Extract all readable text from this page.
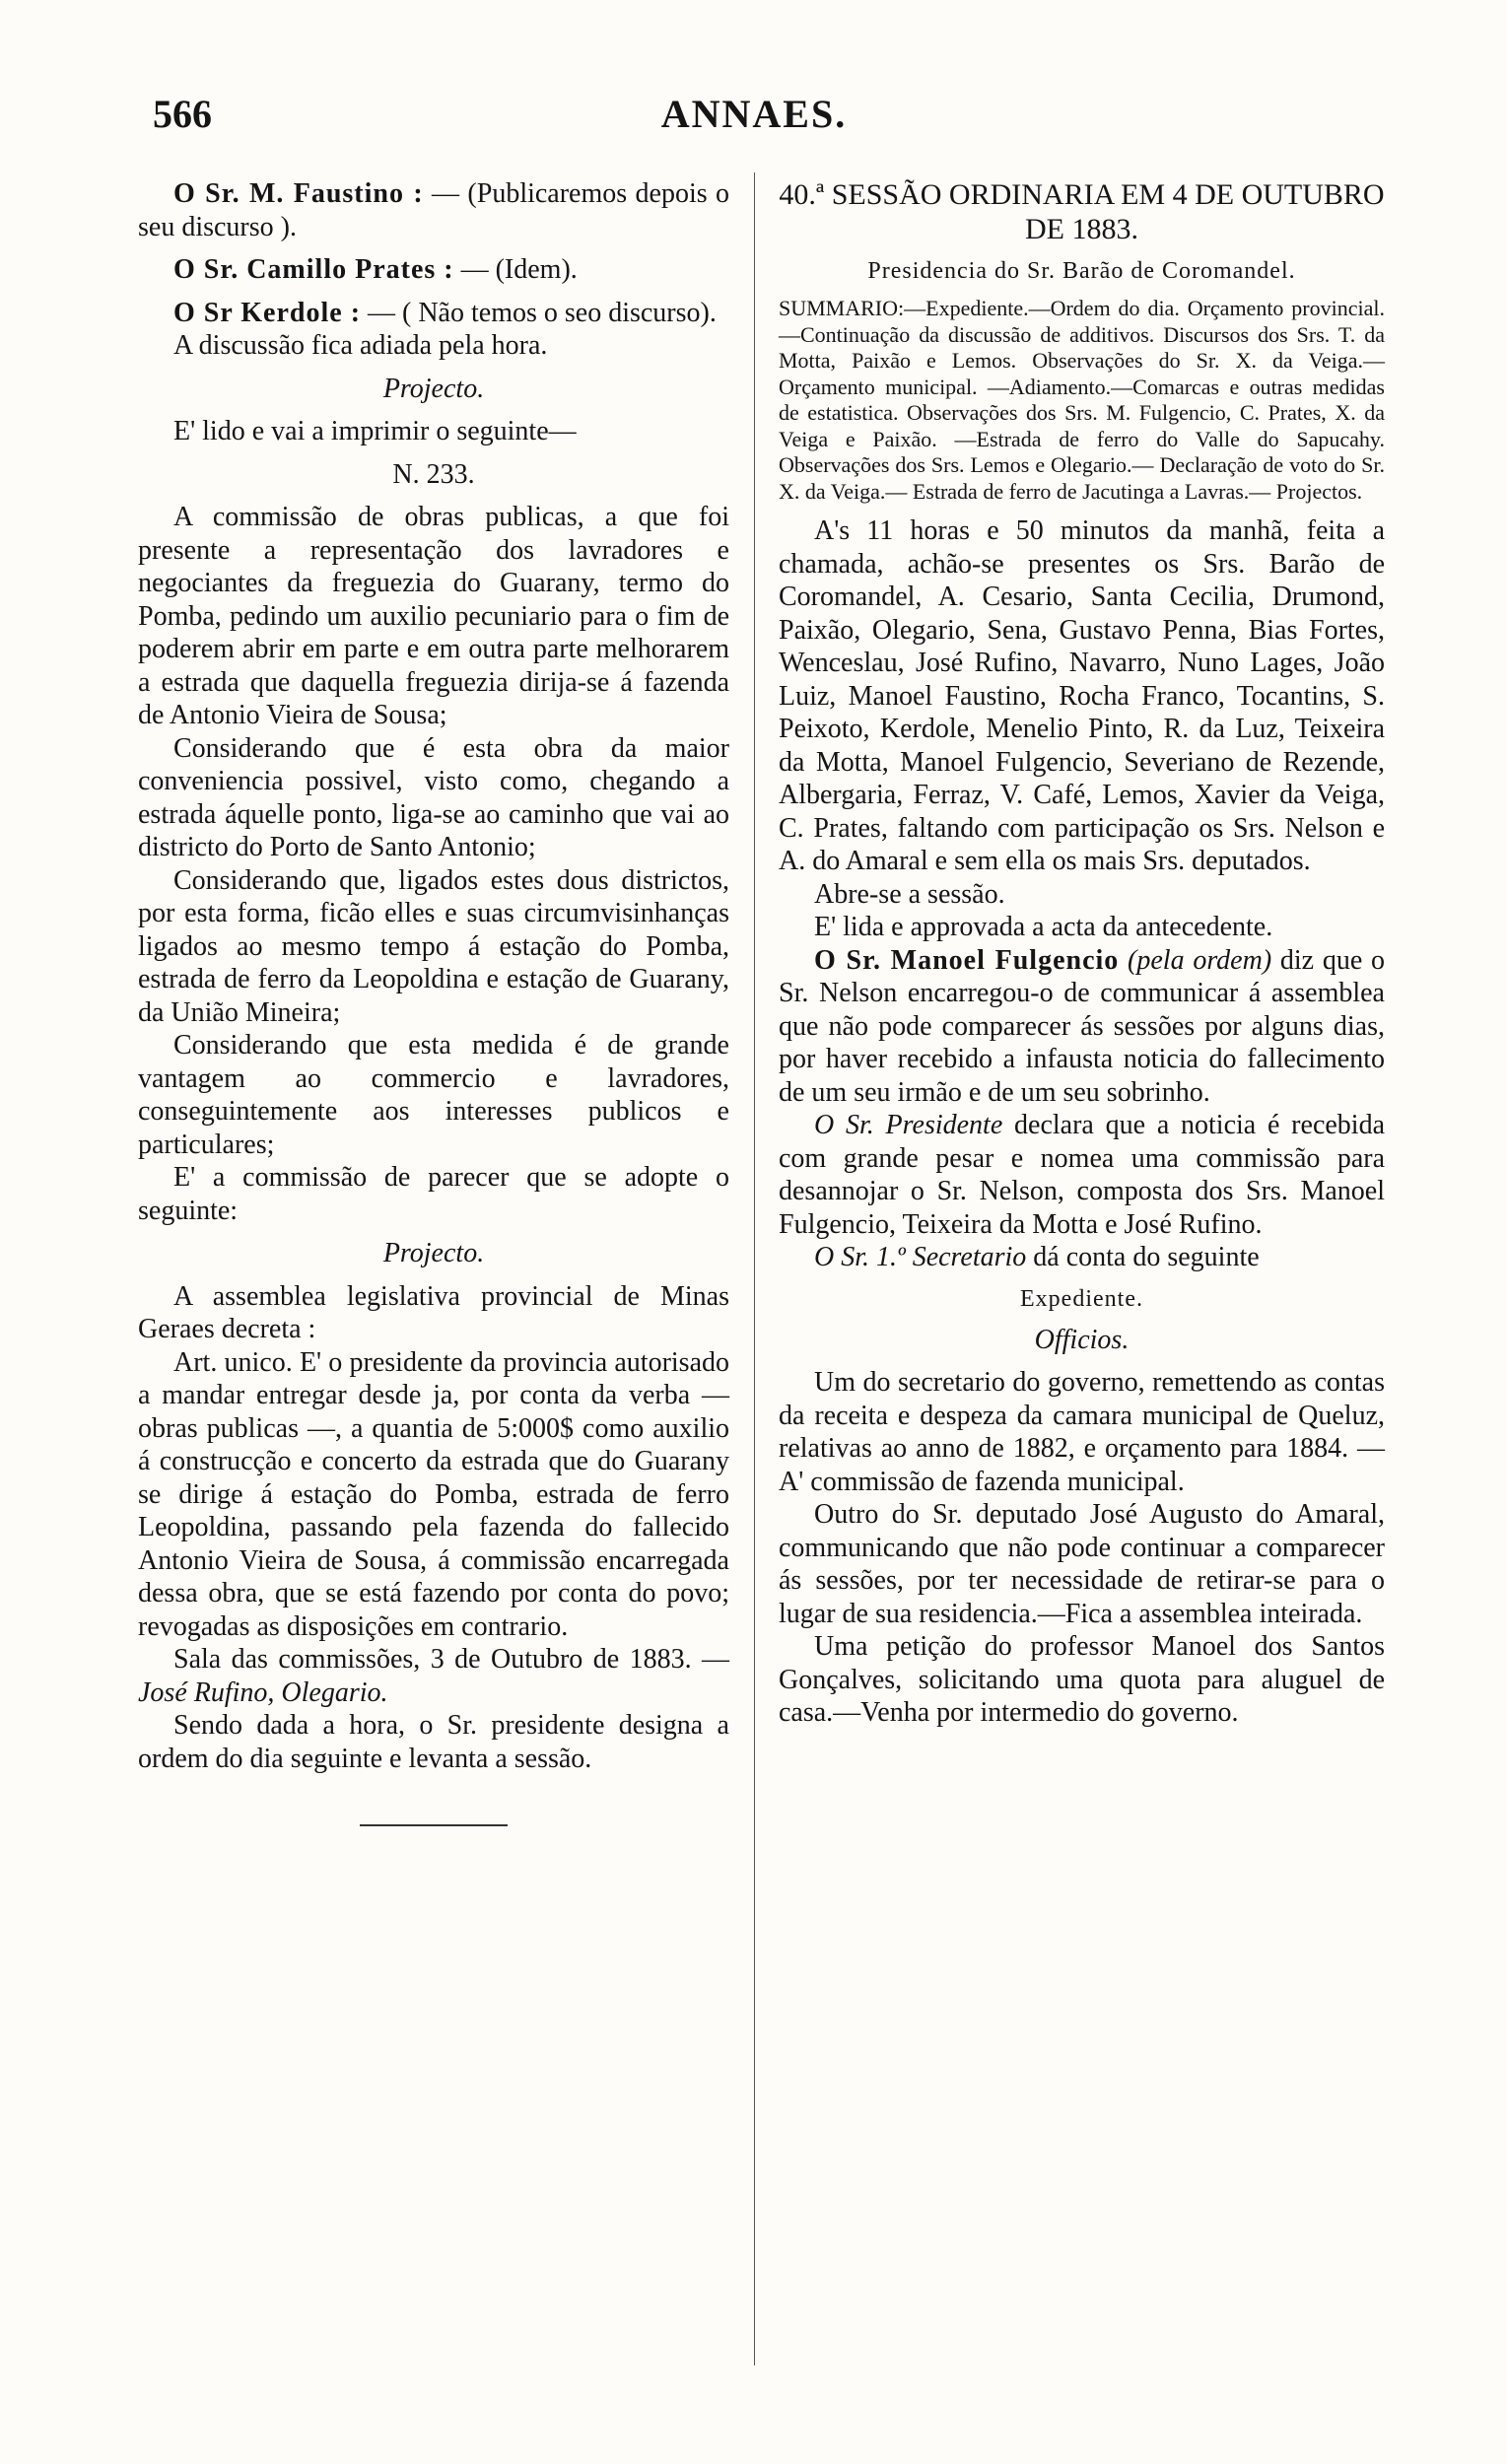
566	ANNAES.

O Sr. M. Faustino : — (Publicaremos depois o seu discurso ).

O Sr. Camillo Prates : — (Idem).

O Sr Kerdole : — ( Não temos o seo discurso).

A discussão fica adiada pela hora.

Projecto.

E' lido e vai a imprimir o seguinte—

N. 233.

A commissão de obras publicas, a que foi presente a representação dos lavradores e negociantes da freguezia do Guarany, termo do Pomba, pedindo um auxilio pecuniario para o fim de poderem abrir em parte e em outra parte melhorarem a estrada que daquella freguezia dirija-se á fazenda de Antonio Vieira de Sousa;

Considerando que é esta obra da maior conveniencia possivel, visto como, chegando a estrada áquelle ponto, liga-se ao caminho que vai ao districto do Porto de Santo Antonio;

Considerando que, ligados estes dous districtos, por esta forma, ficão elles e suas circumvisinhanças ligados ao mesmo tempo á estação do Pomba, estrada de ferro da Leopoldina e estação de Guarany, da União Mineira;

Considerando que esta medida é de grande vantagem ao commercio e lavradores, conseguintemente aos interesses publicos e particulares;

E' a commissão de parecer que se adopte o seguinte:

Projecto.

A assemblea legislativa provincial de Minas Geraes decreta :

Art. unico. E' o presidente da provincia autorisado a mandar entregar desde ja, por conta da verba — obras publicas —, a quantia de 5:000$ como auxilio á construcção e concerto da estrada que do Guarany se dirige á estação do Pomba, estrada de ferro Leopoldina, passando pela fazenda do fallecido Antonio Vieira de Sousa, á commissão encarregada dessa obra, que se está fazendo por conta do povo; revogadas as disposições em contrario.

Sala das commissões, 3 de Outubro de 1883. — José Rufino, Olegario.

Sendo dada a hora, o Sr. presidente designa a ordem do dia seguinte e levanta a sessão.

40.ª SESSÃO ORDINARIA EM 4 DE OUTUBRO DE 1883.

Presidencia do Sr. Barão de Coromandel.

SUMMARIO:—Expediente.—Ordem do dia. Orçamento provincial.—Continuação da discussão de additivos. Discursos dos Srs. T. da Motta, Paixão e Lemos. Observações do Sr. X. da Veiga.—Orçamento municipal. —Adiamento.—Comarcas e outras medidas de estatistica. Observações dos Srs. M. Fulgencio, C. Prates, X. da Veiga e Paixão. —Estrada de ferro do Valle do Sapucahy. Observações dos Srs. Lemos e Olegario.— Declaração de voto do Sr. X. da Veiga.— Estrada de ferro de Jacutinga a Lavras.— Projectos.

A's 11 horas e 50 minutos da manhã, feita a chamada, achão-se presentes os Srs. Barão de Coromandel, A. Cesario, Santa Cecilia, Drumond, Paixão, Olegario, Sena, Gustavo Penna, Bias Fortes, Wenceslau, José Rufino, Navarro, Nuno Lages, João Luiz, Manoel Faustino, Rocha Franco, Tocantins, S. Peixoto, Kerdole, Menelio Pinto, R. da Luz, Teixeira da Motta, Manoel Fulgencio, Severiano de Rezende, Albergaria, Ferraz, V. Café, Lemos, Xavier da Veiga, C. Prates, faltando com participação os Srs. Nelson e A. do Amaral e sem ella os mais Srs. deputados.

Abre-se a sessão.

E' lida e approvada a acta da antecedente.

O Sr. Manoel Fulgencio (pela ordem) diz que o Sr. Nelson encarregou-o de communicar á assemblea que não pode comparecer ás sessões por alguns dias, por haver recebido a infausta noticia do fallecimento de um seu irmão e de um seu sobrinho.

O Sr. Presidente declara que a noticia é recebida com grande pesar e nomea uma commissão para desannojar o Sr. Nelson, composta dos Srs. Manoel Fulgencio, Teixeira da Motta e José Rufino.

O Sr. 1.º Secretario dá conta do seguinte

Expediente.

Officios.

Um do secretario do governo, remettendo as contas da receita e despeza da camara municipal de Queluz, relativas ao anno de 1882, e orçamento para 1884. —A' commissão de fazenda municipal.

Outro do Sr. deputado José Augusto do Amaral, communicando que não pode continuar a comparecer ás sessões, por ter necessidade de retirar-se para o lugar de sua residencia.—Fica a assemblea inteirada.

Uma petição do professor Manoel dos Santos Gonçalves, solicitando uma quota para aluguel de casa.—Venha por intermedio do governo.
